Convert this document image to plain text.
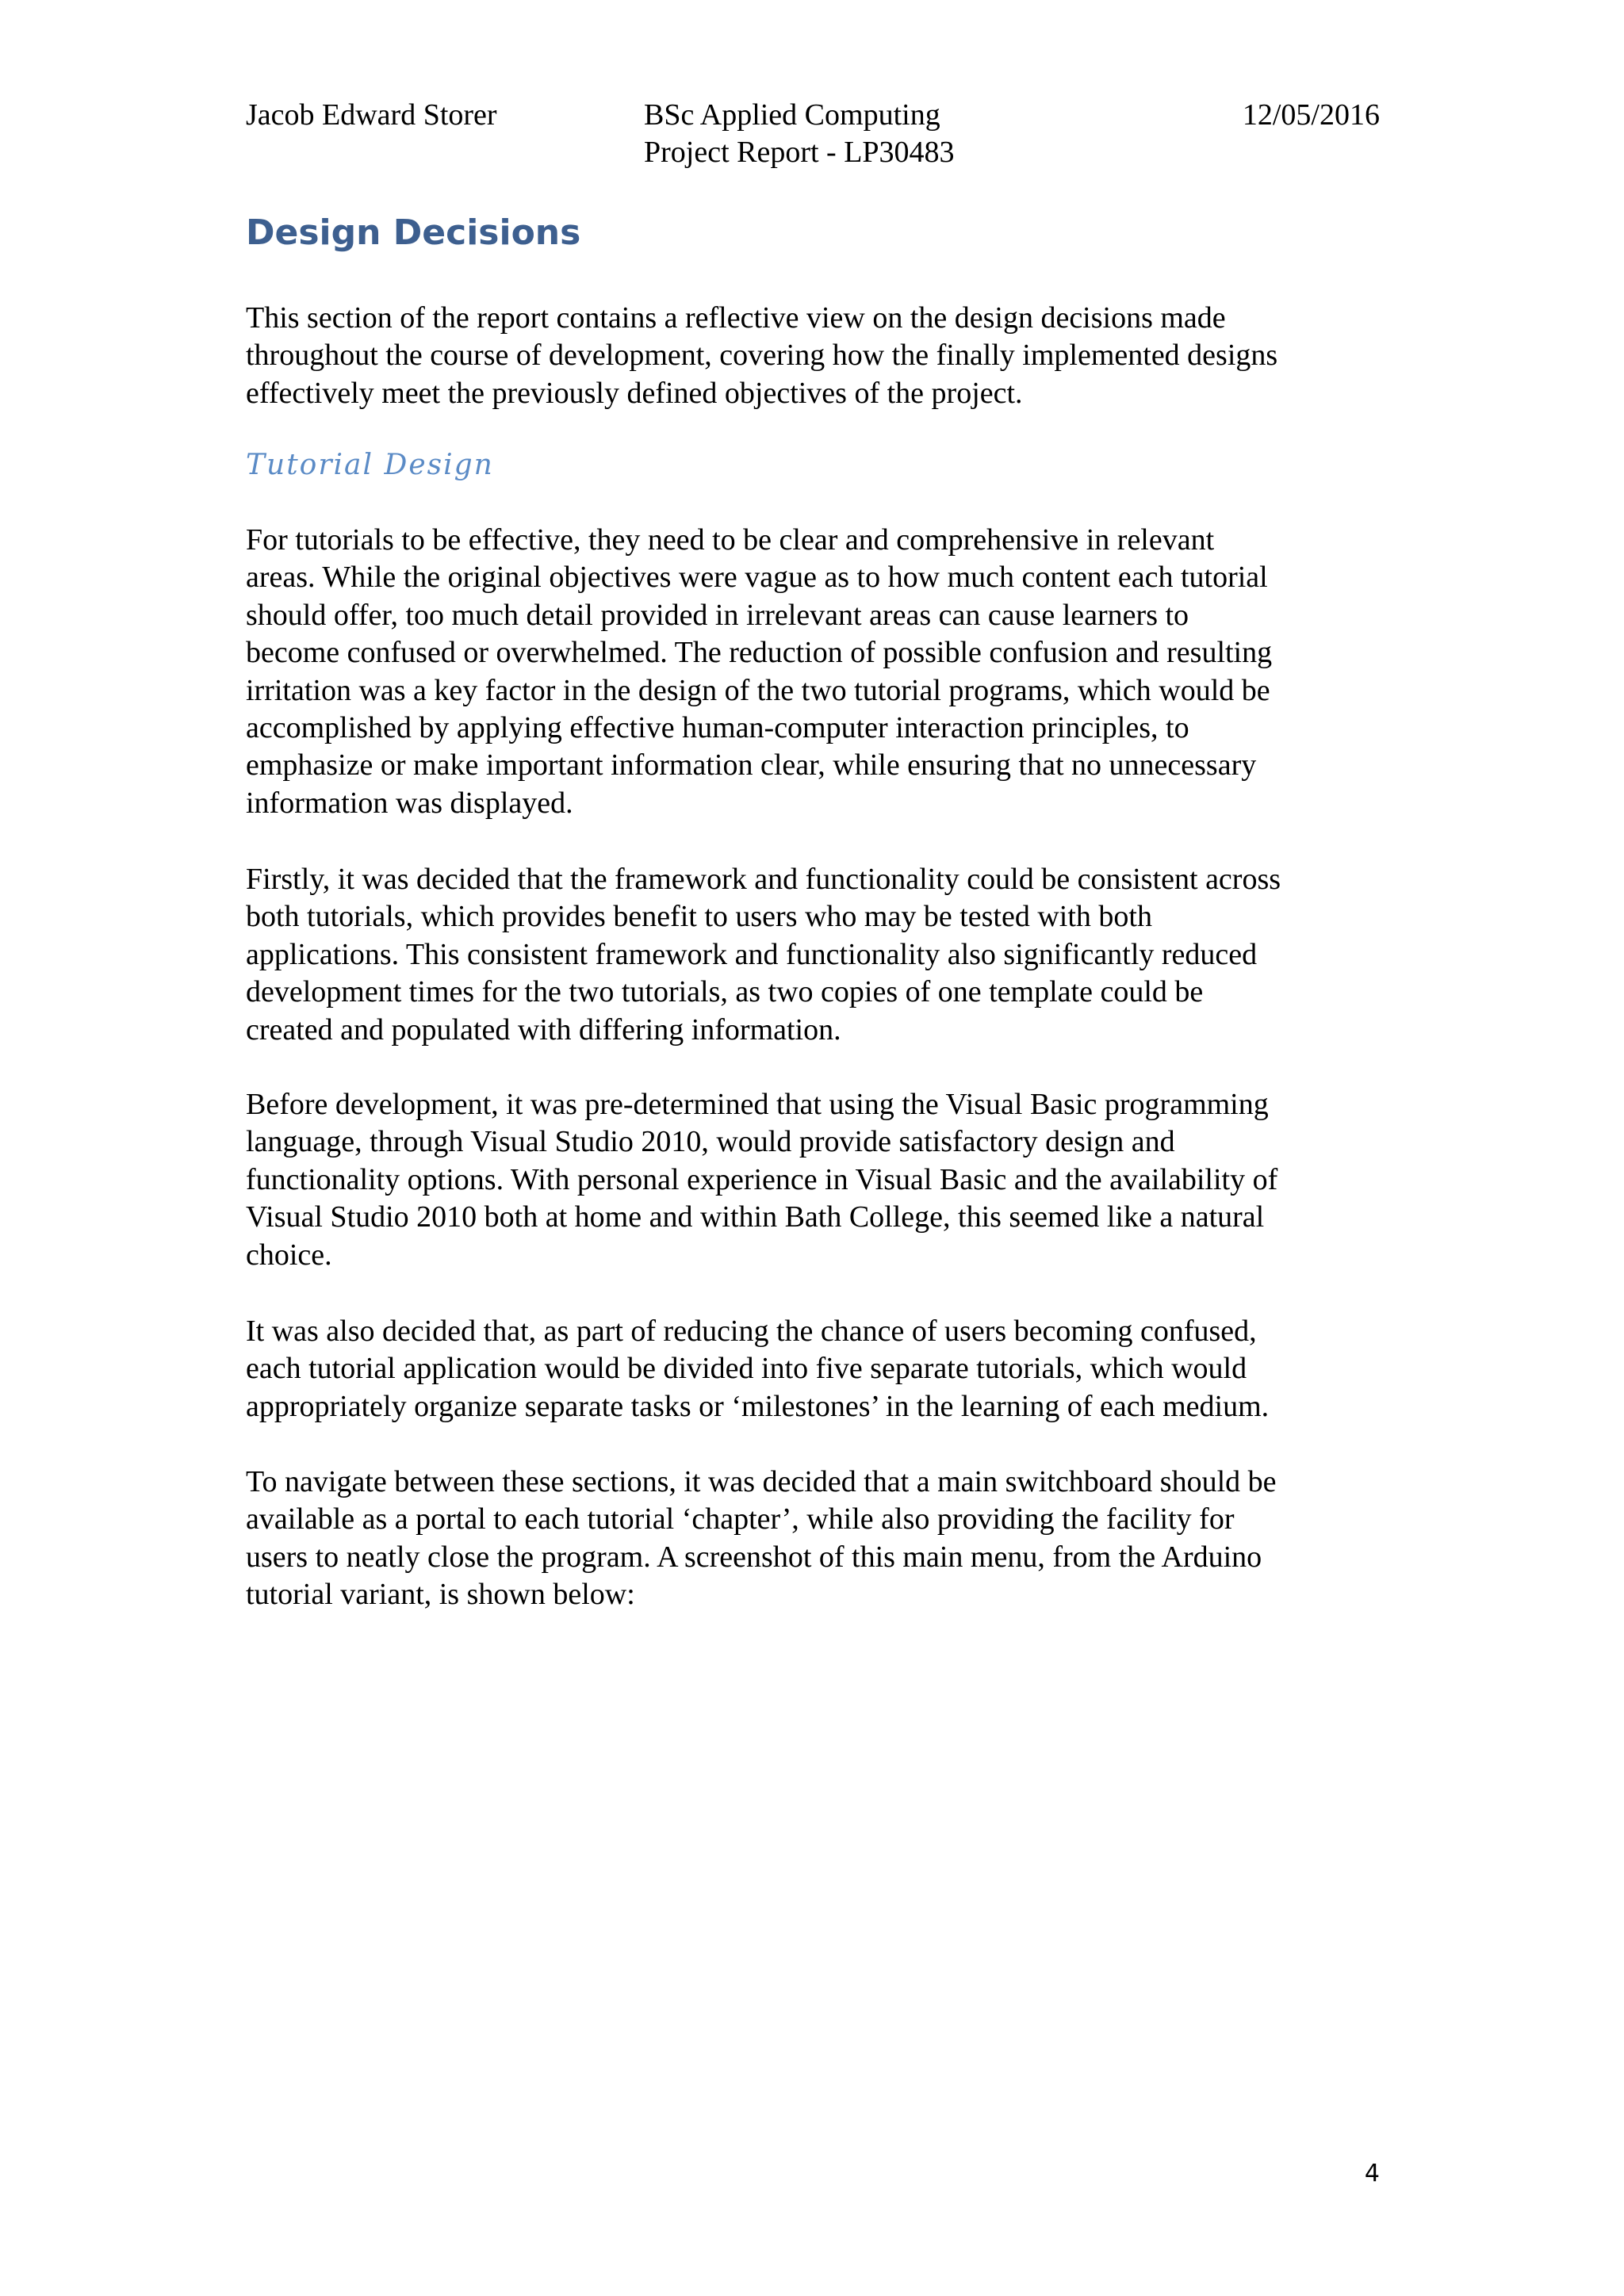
Jacob Edward Storer	BSc Applied Computing
Project Report - LP30483
12/05/2016
Design Decisions

This section of the report contains a reflective view on the design decisions made
throughout the course of development, covering how the finally implemented designs
effectively meet the previously defined objectives of the project.

Tutorial Design

For tutorials to be effective, they need to be clear and comprehensive in relevant
areas. While the original objectives were vague as to how much content each tutorial
should offer, too much detail provided in irrelevant areas can cause learners to
become confused or overwhelmed. The reduction of possible confusion and resulting
irritation was a key factor in the design of the two tutorial programs, which would be
accomplished by applying effective human-computer interaction principles, to
emphasize or make important information clear, while ensuring that no unnecessary
information was displayed.

Firstly, it was decided that the framework and functionality could be consistent across
both tutorials, which provides benefit to users who may be tested with both
applications. This consistent framework and functionality also significantly reduced
development times for the two tutorials, as two copies of one template could be
created and populated with differing information.

Before development, it was pre-determined that using the Visual Basic programming
language, through Visual Studio 2010, would provide satisfactory design and
functionality options. With personal experience in Visual Basic and the availability of
Visual Studio 2010 both at home and within Bath College, this seemed like a natural
choice.

It was also decided that, as part of reducing the chance of users becoming confused,
each tutorial application would be divided into five separate tutorials, which would
appropriately organize separate tasks or ‘milestones’ in the learning of each medium.

To navigate between these sections, it was decided that a main switchboard should be
available as a portal to each tutorial ‘chapter’, while also providing the facility for
users to neatly close the program. A screenshot of this main menu, from the Arduino
tutorial variant, is shown below:

4
